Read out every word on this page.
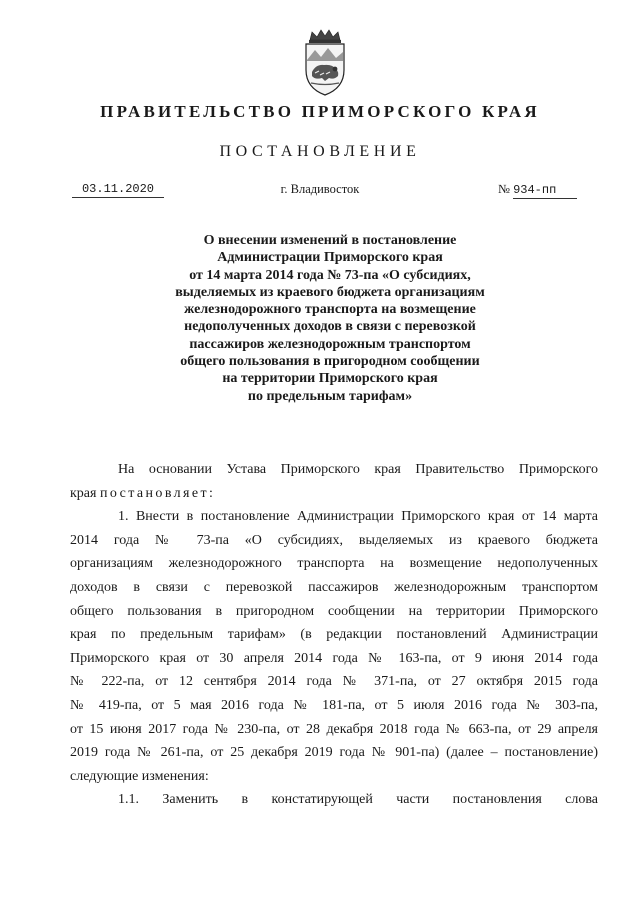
ПРАВИТЕЛЬСТВО ПРИМОРСКОГО КРАЯ
ПОСТАНОВЛЕНИЕ
03.11.2020	г. Владивосток	№ 934-пп
О внесении изменений в постановление
Администрации Приморского края
от 14 марта 2014 года № 73-па «О субсидиях,
выделяемых из краевого бюджета организациям
железнодорожного транспорта на возмещение
недополученных доходов в связи с перевозкой
пассажиров железнодорожным транспортом
общего пользования в пригородном сообщении
на территории Приморского края
по предельным тарифам»
На основании Устава Приморского края Правительство Приморского
края постановляет:
1. Внести в постановление Администрации Приморского края от 14 марта
2014 года № 73-па «О субсидиях, выделяемых из краевого бюджета
организациям железнодорожного транспорта на возмещение недополученных
доходов в связи с перевозкой пассажиров железнодорожным транспортом
общего пользования в пригородном сообщении на территории Приморского
края по предельным тарифам» (в редакции постановлений Администрации
Приморского края от 30 апреля 2014 года № 163-па, от 9 июня 2014 года
№ 222-па, от 12 сентября 2014 года № 371-па, от 27 октября 2015 года
№ 419-па, от 5 мая 2016 года № 181-па, от 5 июля 2016 года № 303-па,
от 15 июня 2017 года № 230-па, от 28 декабря 2018 года № 663-па, от 29 апреля
2019 года № 261-па, от 25 декабря 2019 года № 901-па) (далее – постановление)
следующие изменения:
1.1. Заменить в констатирующей части постановления слова
